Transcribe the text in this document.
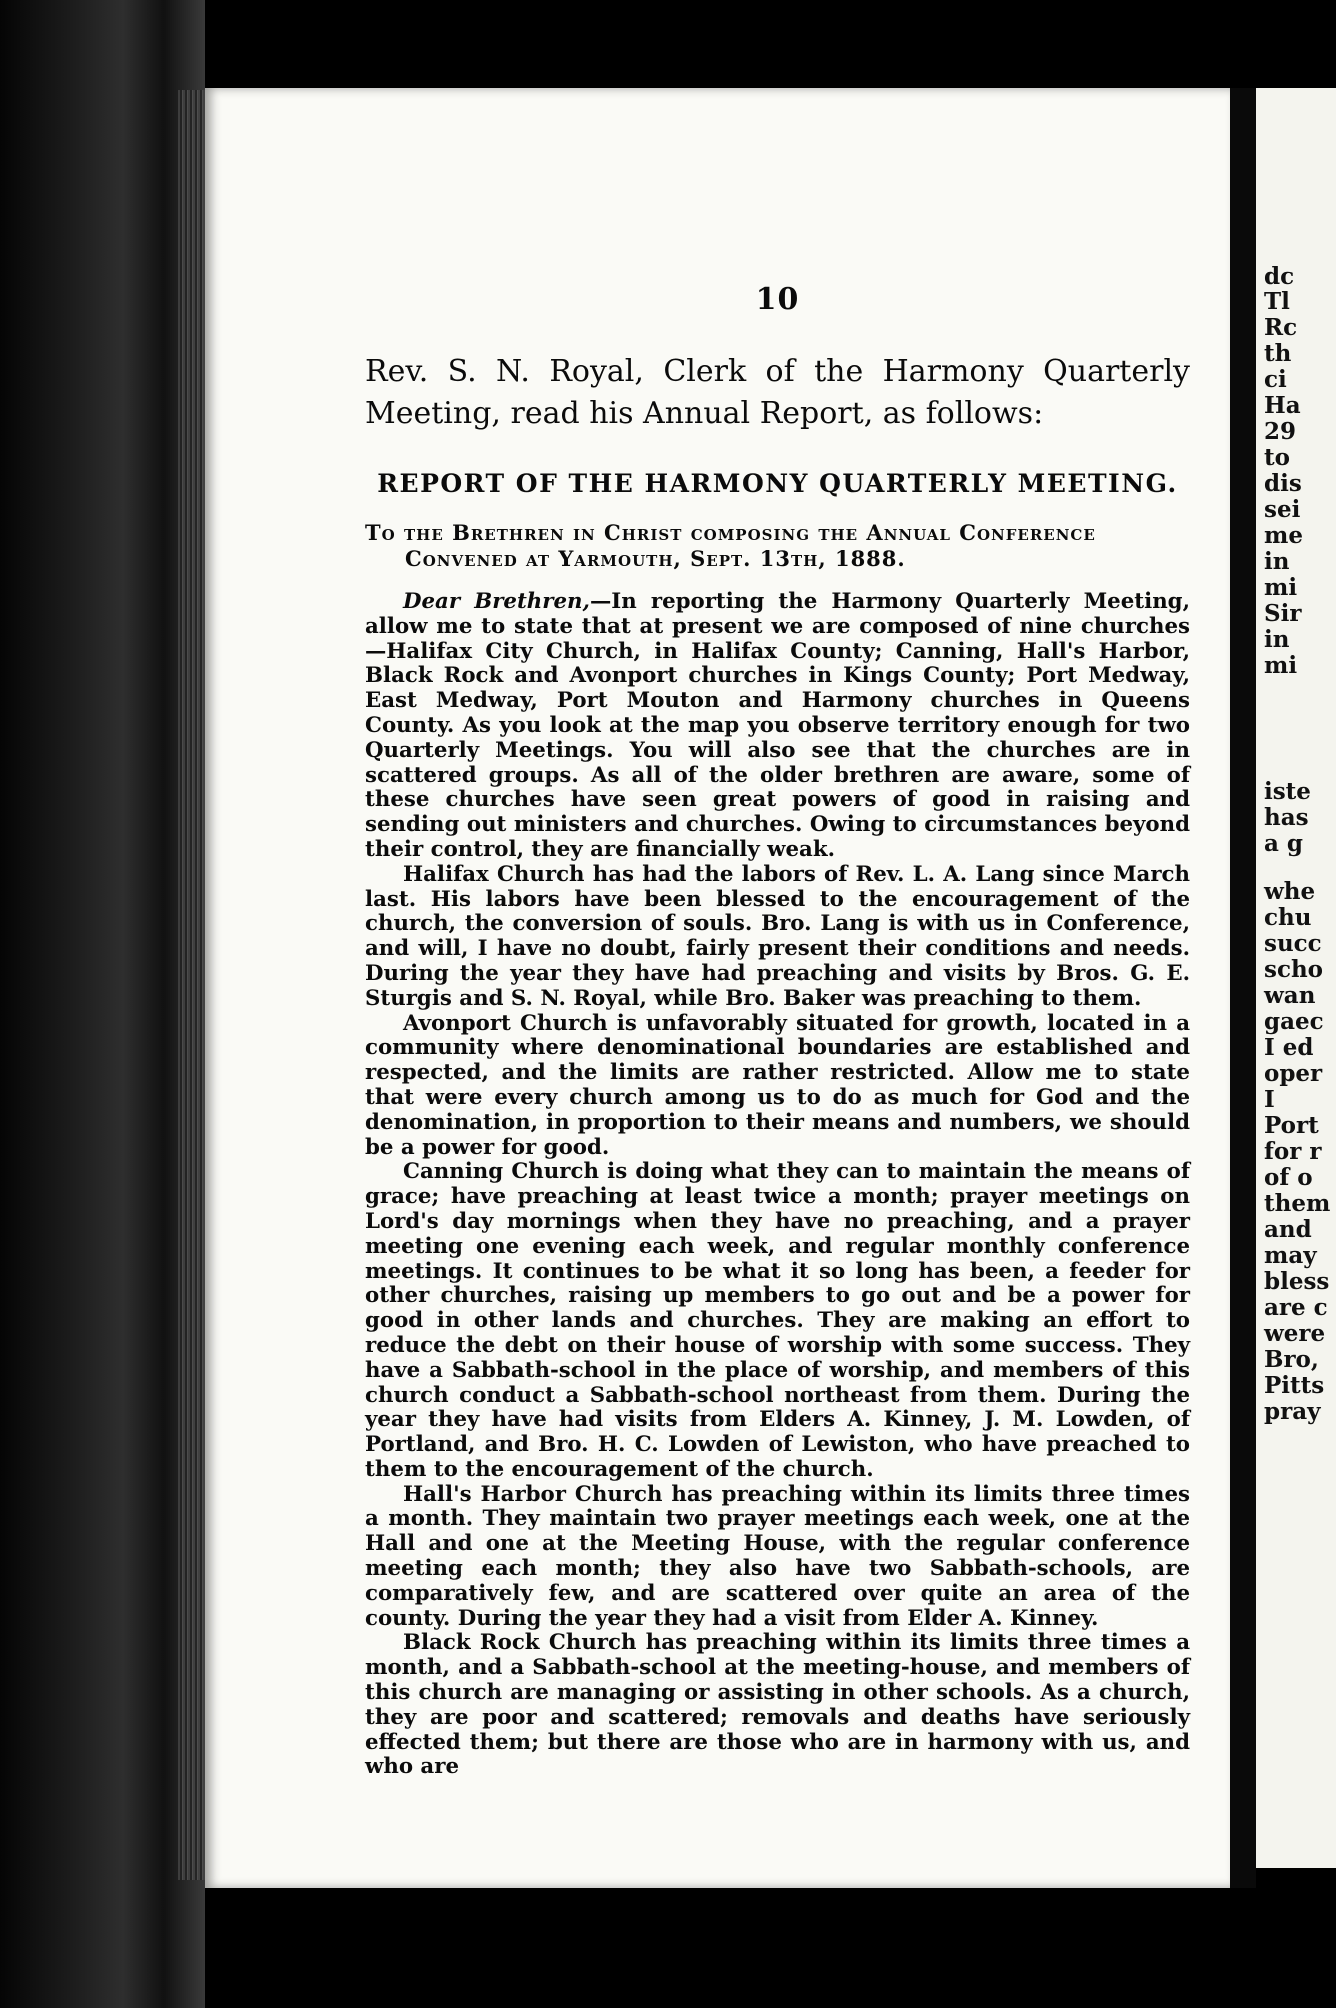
dc
Tl
Rc
th
ci
Ha
29
to
dis
sei
me
in
mi
Sir
in
mi
iste
has
a g
whe
chu
succ
scho
wan
gaec
I ed
oper
I
Port
for r
of o
them
and
may
bless
are c
were
Bro,
Pitts
pray
10

Rev. S. N. Royal, Clerk of the Harmony Quarterly Meeting, read his Annual Report, as follows:

REPORT OF THE HARMONY QUARTERLY MEETING.
To the Brethren in Christ composing the Annual Conference
Convened at Yarmouth, Sept. 13th, 1888.

Dear Brethren,—In reporting the Harmony Quarterly Meeting, allow me to state that at present we are composed of nine churches—Halifax City Church, in Halifax County; Canning, Hall's Harbor, Black Rock and Avonport churches in Kings County; Port Medway, East Medway, Port Mouton and Harmony churches in Queens County. As you look at the map you observe territory enough for two Quarterly Meetings. You will also see that the churches are in scattered groups. As all of the older brethren are aware, some of these churches have seen great powers of good in raising and sending out ministers and churches. Owing to circumstances beyond their control, they are financially weak.

Halifax Church has had the labors of Rev. L. A. Lang since March last. His labors have been blessed to the encouragement of the church, the conversion of souls. Bro. Lang is with us in Conference, and will, I have no doubt, fairly present their conditions and needs. During the year they have had preaching and visits by Bros. G. E. Sturgis and S. N. Royal, while Bro. Baker was preaching to them.

Avonport Church is unfavorably situated for growth, located in a community where denominational boundaries are established and respected, and the limits are rather restricted. Allow me to state that were every church among us to do as much for God and the denomination, in proportion to their means and numbers, we should be a power for good.

Canning Church is doing what they can to maintain the means of grace; have preaching at least twice a month; prayer meetings on Lord's day mornings when they have no preaching, and a prayer meeting one evening each week, and regular monthly conference meetings. It continues to be what it so long has been, a feeder for other churches, raising up members to go out and be a power for good in other lands and churches. They are making an effort to reduce the debt on their house of worship with some success. They have a Sabbath-school in the place of worship, and members of this church conduct a Sabbath-school northeast from them. During the year they have had visits from Elders A. Kinney, J. M. Lowden, of Portland, and Bro. H. C. Lowden of Lewiston, who have preached to them to the encouragement of the church.

Hall's Harbor Church has preaching within its limits three times a month. They maintain two prayer meetings each week, one at the Hall and one at the Meeting House, with the regular conference meeting each month; they also have two Sabbath-schools, are comparatively few, and are scattered over quite an area of the county. During the year they had a visit from Elder A. Kinney.

Black Rock Church has preaching within its limits three times a month, and a Sabbath-school at the meeting-house, and members of this church are managing or assisting in other schools. As a church, they are poor and scattered; removals and deaths have seriously effected them; but there are those who are in harmony with us, and who are
